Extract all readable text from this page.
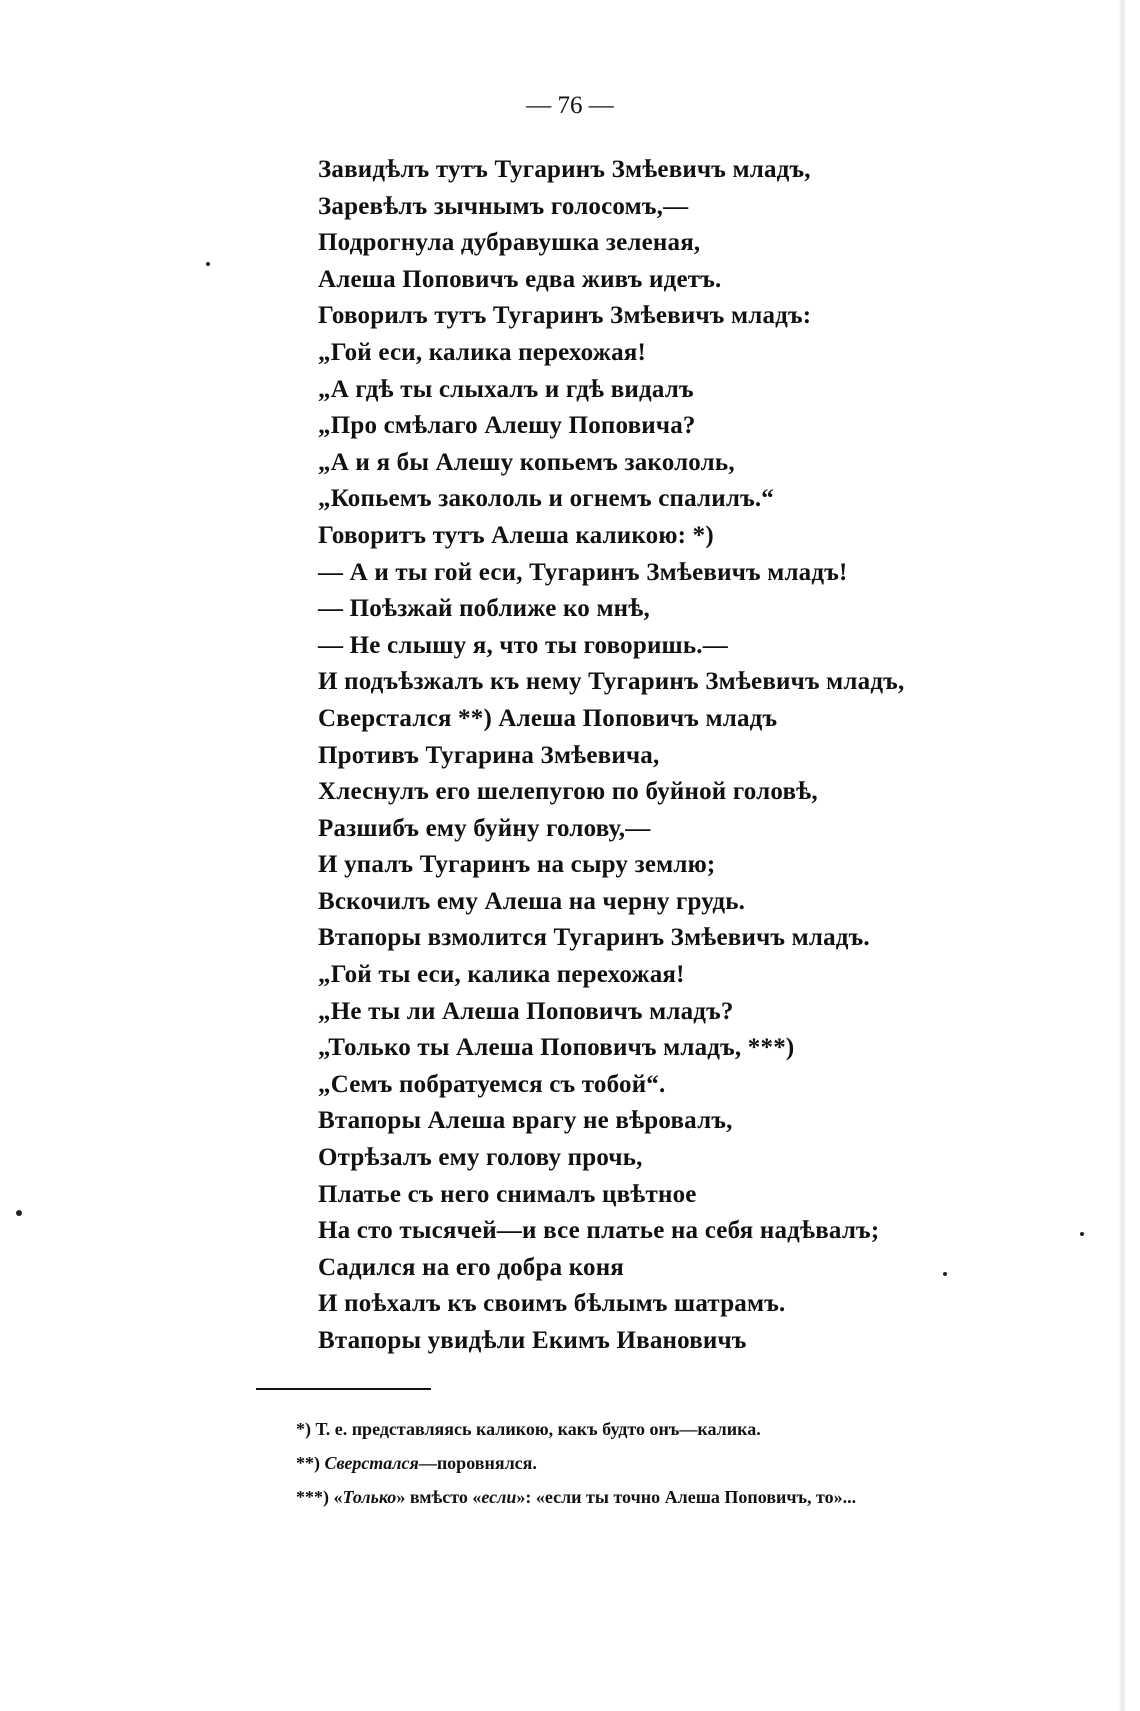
— 76 —
Завидѣлъ тутъ Тугаринъ Змѣевичъ младъ,
Заревѣлъ зычнымъ голосомъ,—
Подрогнула дубравушка зеленая,
Алеша Поповичъ едва живъ идетъ.
Говорилъ тутъ Тугаринъ Змѣевичъ младъ:
„Гой еси, калика перехожая!
„А гдѣ ты слыхалъ и гдѣ видалъ
„Про смѣлаго Алешу Поповича?
„А и я бы Алешу копьемъ закололь,
„Копьемъ закололь и огнемъ спалилъ.“
Говоритъ тутъ Алеша каликою: *)
— А и ты гой еси, Тугаринъ Змѣевичъ младъ!
— Поѣзжай поближе ко мнѣ,
— Не слышу я, что ты говоришь.—
И подъѣзжалъ къ нему Тугаринъ Змѣевичъ младъ,
Сверстался **) Алеша Поповичъ младъ
Противъ Тугарина Змѣевича,
Хлеснулъ его шелепугою по буйной головѣ,
Разшибъ ему буйну голову,—
И упалъ Тугаринъ на сыру землю;
Вскочилъ ему Алеша на черну грудь.
Втапоры взмолится Тугаринъ Змѣевичъ младъ.
„Гой ты еси, калика перехожая!
„Не ты ли Алеша Поповичъ младъ?
„Только ты Алеша Поповичъ младъ, ***)
„Семъ побратуемся съ тобой“.
Втапоры Алеша врагу не вѣровалъ,
Отрѣзалъ ему голову прочь,
Платье съ него снималъ цвѣтное
На сто тысячей—и все платье на себя надѣвалъ;
Садился на его добра коня
И поѣхалъ къ своимъ бѣлымъ шатрамъ.
Втапоры увидѣли Екимъ Ивановичъ
*) Т. е. представляясь каликою, какъ будто онъ—калика.
**) Сверстался—поровнялся.
***) «Только» вмѣсто «если»: «если ты точно Алеша Поповичъ, то»...
